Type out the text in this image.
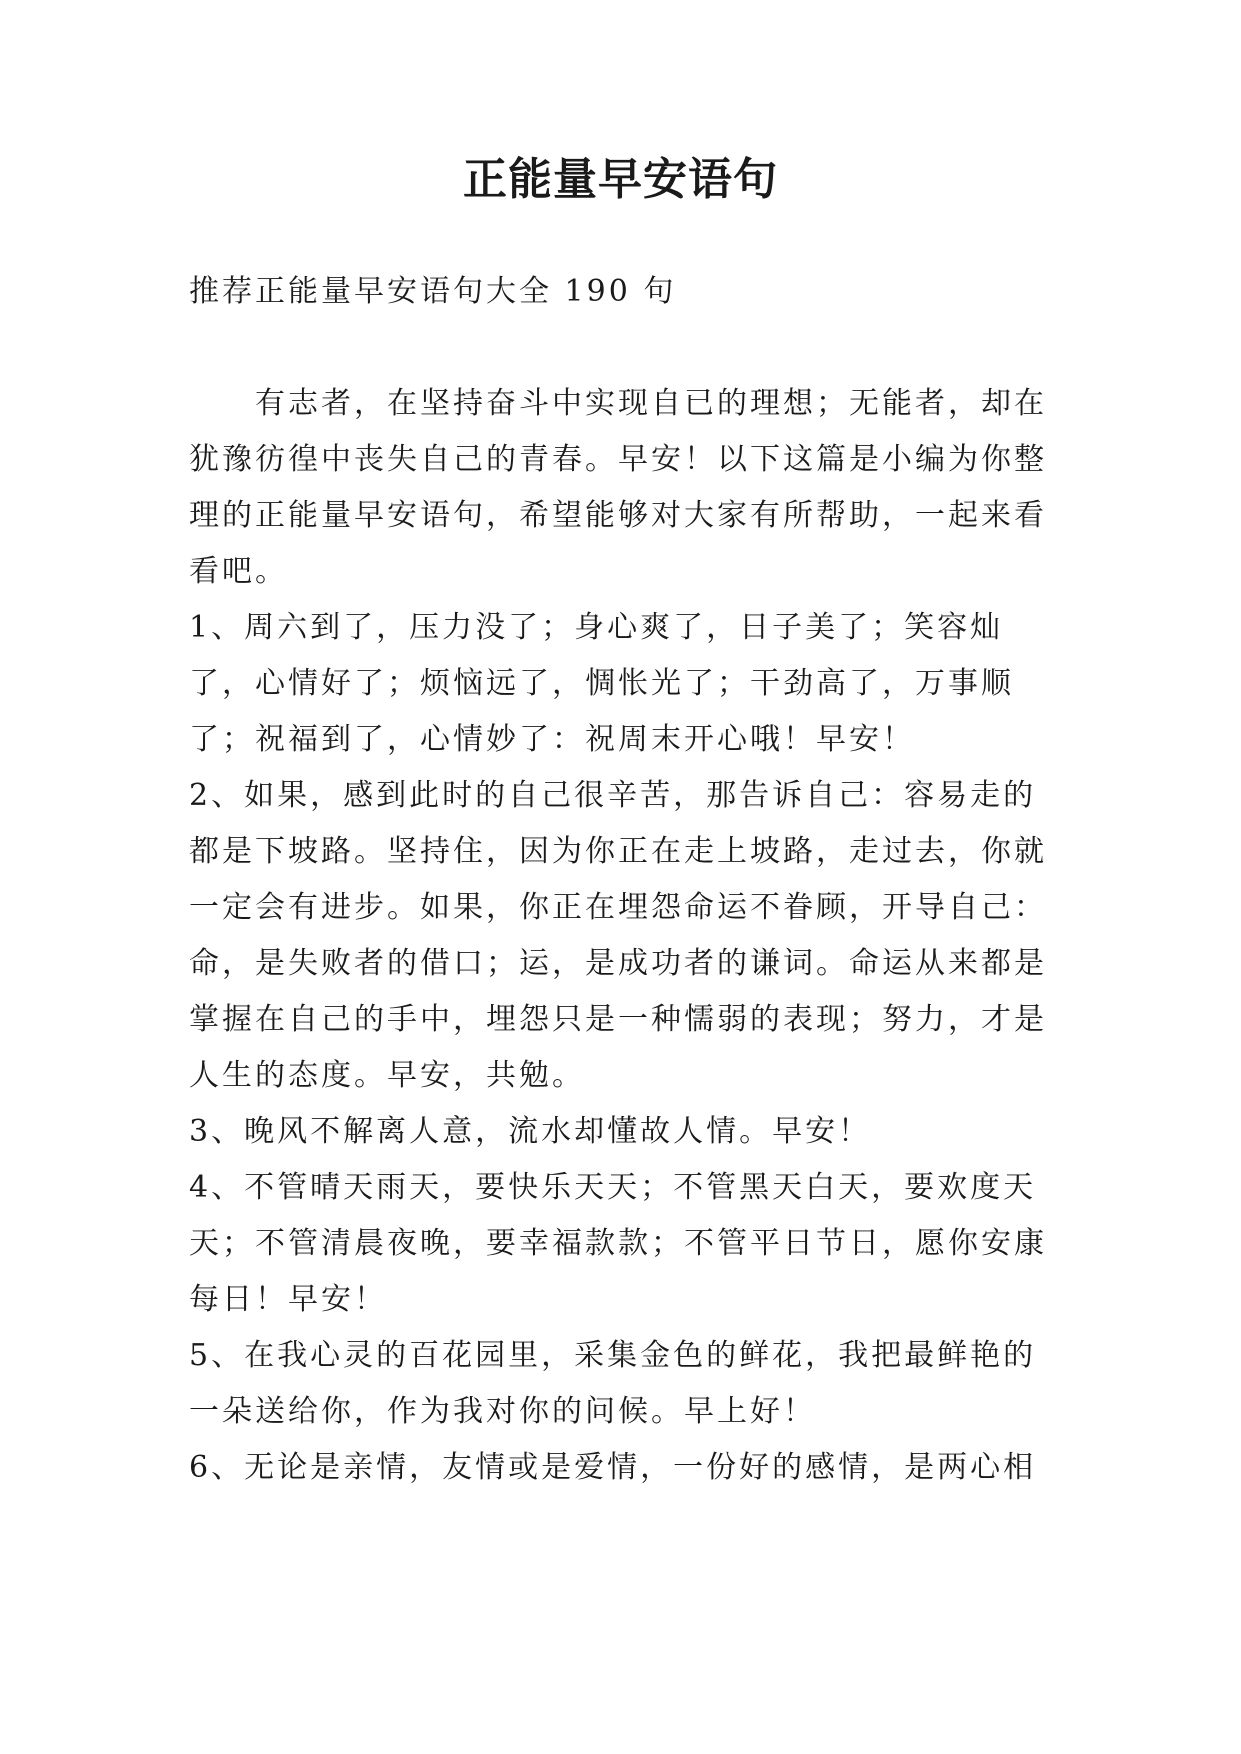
正能量早安语句

推荐正能量早安语句大全 190 句

有志者，在坚持奋斗中实现自已的理想；无能者，却在犹豫彷徨中丧失自己的青春。早安！以下这篇是小编为你整理的正能量早安语句，希望能够对大家有所帮助，一起来看看吧。

1、周六到了，压力没了；身心爽了，日子美了；笑容灿了，心情好了；烦恼远了，惆怅光了；干劲高了，万事顺了；祝福到了，心情妙了：祝周末开心哦！早安！

2、如果，感到此时的自己很辛苦，那告诉自己：容易走的都是下坡路。坚持住，因为你正在走上坡路，走过去，你就一定会有进步。如果，你正在埋怨命运不眷顾，开导自己：命，是失败者的借口；运，是成功者的谦词。命运从来都是掌握在自己的手中，埋怨只是一种懦弱的表现；努力，才是人生的态度。早安，共勉。

3、晚风不解离人意，流水却懂故人情。早安！

4、不管晴天雨天，要快乐天天；不管黑天白天，要欢度天天；不管清晨夜晚，要幸福款款；不管平日节日，愿你安康每日！早安！

5、在我心灵的百花园里，采集金色的鲜花，我把最鲜艳的一朵送给你，作为我对你的问候。早上好！

6、无论是亲情，友情或是爱情，一份好的感情，是两心相
